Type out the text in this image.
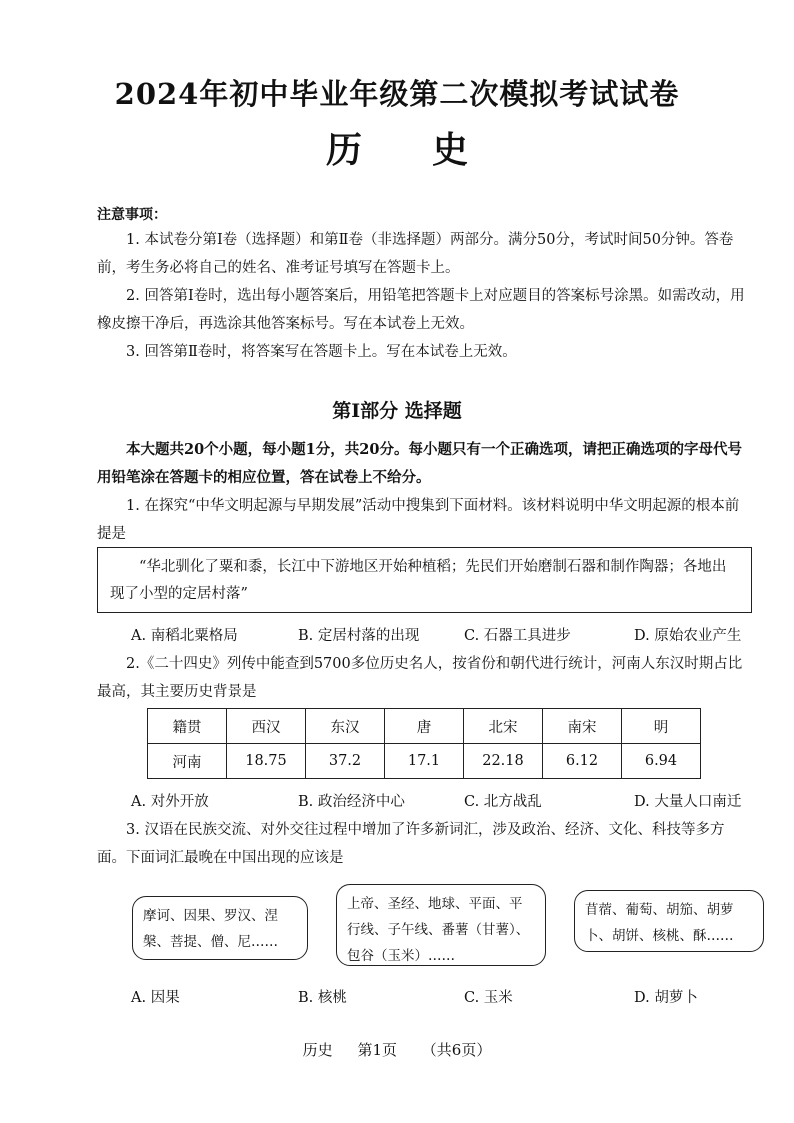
2024年初中毕业年级第二次模拟考试试卷
历史
注意事项：
1. 本试卷分第Ⅰ卷（选择题）和第Ⅱ卷（非选择题）两部分。满分50分，考试时间50分钟。答卷前，考生务必将自己的姓名、准考证号填写在答题卡上。
2. 回答第Ⅰ卷时，选出每小题答案后，用铅笔把答题卡上对应题目的答案标号涂黑。如需改动，用橡皮擦干净后，再选涂其他答案标号。写在本试卷上无效。
3. 回答第Ⅱ卷时，将答案写在答题卡上。写在本试卷上无效。
第Ⅰ部分 选择题
本大题共20个小题，每小题1分，共20分。每小题只有一个正确选项，请把正确选项的字母代号用铅笔涂在答题卡的相应位置，答在试卷上不给分。
1. 在探究“中华文明起源与早期发展”活动中搜集到下面材料。该材料说明中华文明起源的根本前提是
“华北驯化了粟和黍，长江中下游地区开始种植稻；先民们开始磨制石器和制作陶器；各地出现了小型的定居村落”
A. 南稻北粟格局	B. 定居村落的出现	C. 石器工具进步	D. 原始农业产生
2.《二十四史》列传中能查到5700多位历史名人，按省份和朝代进行统计，河南人东汉时期占比最高，其主要历史背景是
籍贯	西汉	东汉	唐	北宋	南宋	明
河南	18.75	37.2	17.1	22.18	6.12	6.94
A. 对外开放	B. 政治经济中心	C. 北方战乱	D. 大量人口南迁
3. 汉语在民族交流、对外交往过程中增加了许多新词汇，涉及政治、经济、文化、科技等多方面。下面词汇最晚在中国出现的应该是
摩诃、因果、罗汉、涅槃、菩提、僧、尼……
上帝、圣经、地球、平面、平行线、子午线、番薯（甘薯）、包谷（玉米）……
苜蓿、葡萄、胡笳、胡萝卜、胡饼、核桃、酥……
A. 因果	B. 核桃	C. 玉米	D. 胡萝卜
历史 第1页 （共6页）
